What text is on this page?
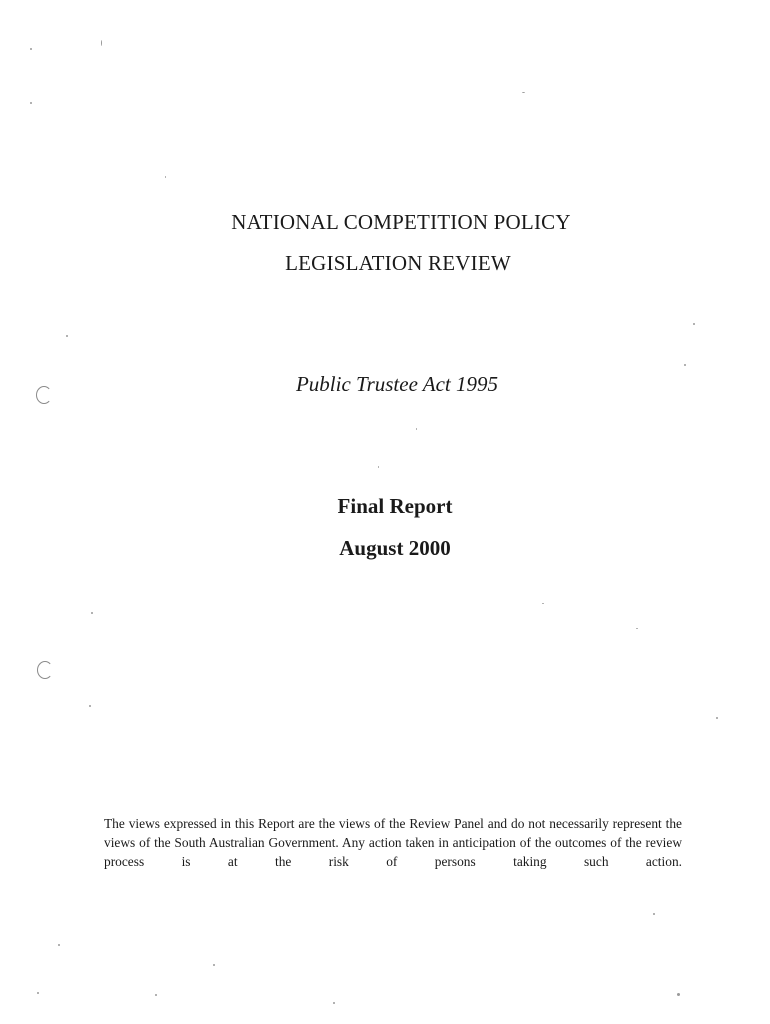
NATIONAL COMPETITION POLICY
LEGISLATION REVIEW
Public Trustee Act 1995
Final Report
August 2000
The views expressed in this Report are the views of the Review Panel and do not necessarily represent the views of the South Australian Government. Any action taken in anticipation of the outcomes of the review process is at the risk of persons taking such action.
